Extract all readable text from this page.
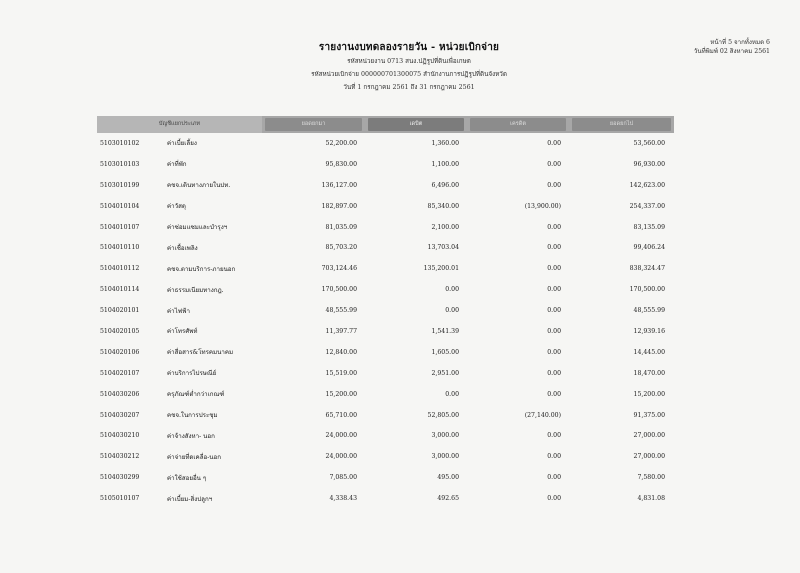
หน้าที่ 5 จากทั้งหมด 6
วันที่พิมพ์ 02 สิงหาคม 2561
รายงานงบทดลองรายวัน - หน่วยเบิกจ่าย
รหัสหน่วยงาน 0713 สนง.ปฏิรูปที่ดินเพื่อเกษต
รหัสหน่วยเบิกจ่าย 000000701300075 สำนักงานการปฏิรูปที่ดินจังหวัด
วันที่ 1 กรกฎาคม 2561 ถึง 31 กรกฎาคม 2561
บัญชีแยกประเภท		ยอดยกมา	เดบิต	เครดิต	ยอดยกไป

5103010102	ค่าเบี้ยเลี้ยง	52,200.00	1,360.00	0.00	53,560.00
5103010103	ค่าที่พัก	95,830.00	1,100.00	0.00	96,930.00
5103010199	คชจ.เดินทางภายในปท.	136,127.00	6,496.00	0.00	142,623.00
5104010104	ค่าวัสดุ	182,897.00	85,340.00	(13,900.00)	254,337.00
5104010107	ค่าซ่อมแซมและบำรุงฯ	81,035.09	2,100.00	0.00	83,135.09
5104010110	ค่าเชื้อเพลิง	85,703.20	13,703.04	0.00	99,406.24
5104010112	คชจ.ตามบริการ-ภายนอก	703,124.46	135,200.01	0.00	838,324.47
5104010114	ค่าธรรมเนียมทางกฎ.	170,500.00	0.00	0.00	170,500.00
5104020101	ค่าไฟฟ้า	48,555.99	0.00	0.00	48,555.99
5104020105	ค่าโทรศัพท์	11,397.77	1,541.39	0.00	12,939.16
5104020106	ค่าสื่อสาร&โทรคมนาคม	12,840.00	1,605.00	0.00	14,445.00
5104020107	ค่าบริการไปรษณีย์	15,519.00	2,951.00	0.00	18,470.00
5104030206	ครุภัณฑ์ต่ำกว่าเกณฑ์	15,200.00	0.00	0.00	15,200.00
5104030207	คชจ.ในการประชุม	65,710.00	52,805.00	(27,140.00)	91,375.00
5104030210	ค่าจ้างสังหา- นอก	24,000.00	3,000.00	0.00	27,000.00
5104030212	ค่าจ่ายที่ดเคลื่อ-นอก	24,000.00	3,000.00	0.00	27,000.00
5104030299	ค่าใช้สอยอื่น ๆ	7,085.00	495.00	0.00	7,580.00
5105010107	ค่าเบี้ยม-สิ่งปลูกฯ	4,338.43	492.65	0.00	4,831.08
